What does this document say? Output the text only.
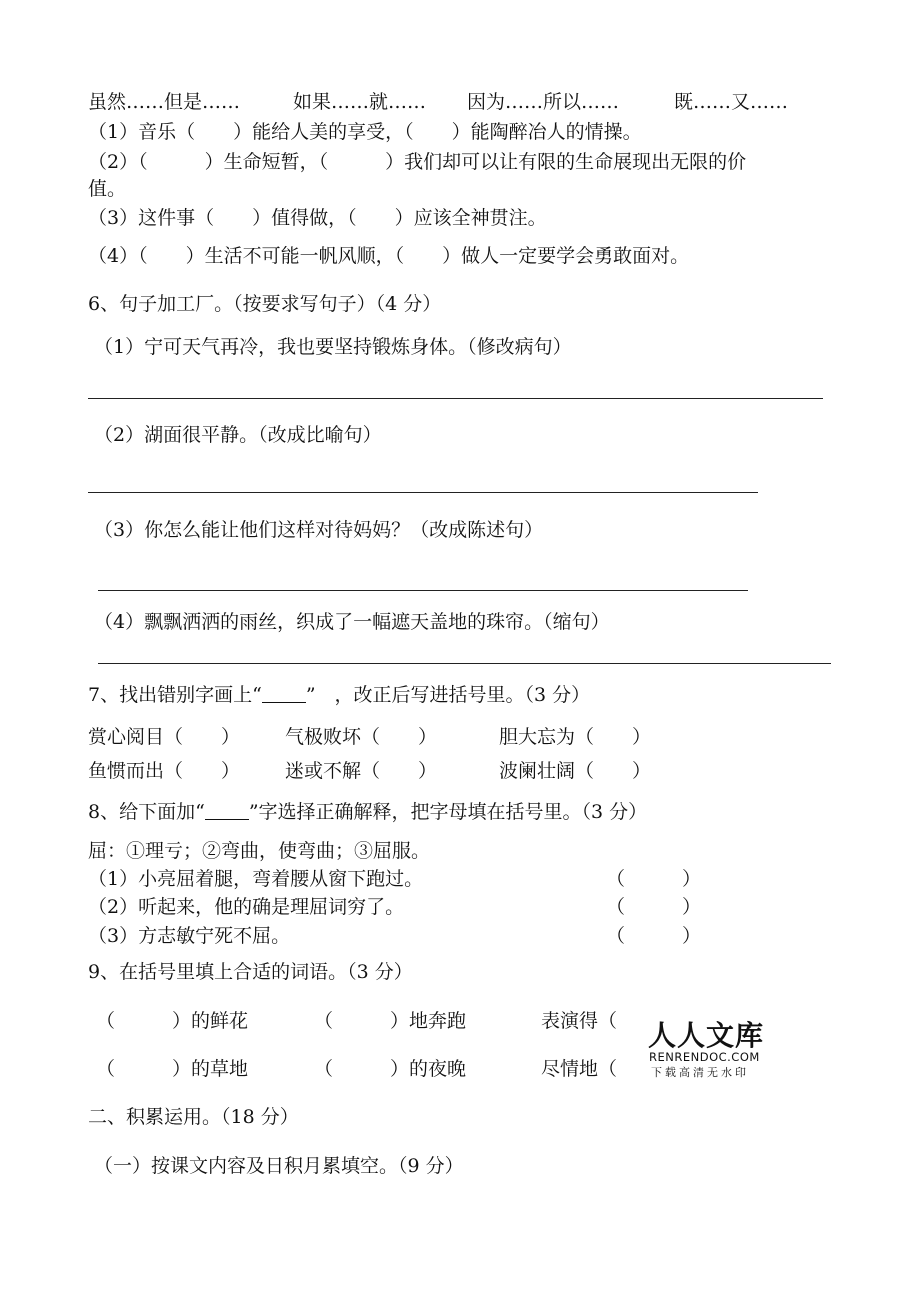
虽然……但是……	如果……就…… 因为……所以……	既……又……
（1）音乐（　　）能给人美的享受，（　　）能陶醉冶人的情操。
（2）（　　　）生命短暂，（　　　）我们却可以让有限的生命展现出无限的价
值。
（3）这件事（　　）值得做，（　　）应该全神贯注。
（4）（　　）生活不可能一帆风顺，（　　）做人一定要学会勇敢面对。
6、句子加工厂。（按要求写句子）（4 分）
（1）宁可天气再冷，我也要坚持锻炼身体。（修改病句）
（2）湖面很平静。（改成比喻句）
（3）你怎么能让他们这样对待妈妈？（改成陈述句）
（4）飘飘洒洒的雨丝，织成了一幅遮天盖地的珠帘。（缩句）
7、找出错别字画上“ ”　，改正后写进括号里。（3 分）
赏心阅目（　　） 气极败坏（　　）	胆大忘为（　　）
鱼惯而出（　　） 迷或不解（　　）	波阑壮阔（　　）
8、给下面加“ ”字选择正确解释，把字母填在括号里。（3 分）
屈：①理亏；②弯曲，使弯曲；③屈服。
（1）小亮屈着腿，弯着腰从窗下跑过。	（　　　）
（2）听起来，他的确是理屈词穷了。	（　　　）
（3）方志敏宁死不屈。	（　　　）
9、在括号里填上合适的词语。（3 分）
（　　　）的鲜花	（　　　）地奔跑	表演得（
（　　　）的草地	（　　　）的夜晚	尽情地（
人人文库
RENRENDOC.COM
下载高清无水印
二、积累运用。（18 分）
（一）按课文内容及日积月累填空。（9 分）
